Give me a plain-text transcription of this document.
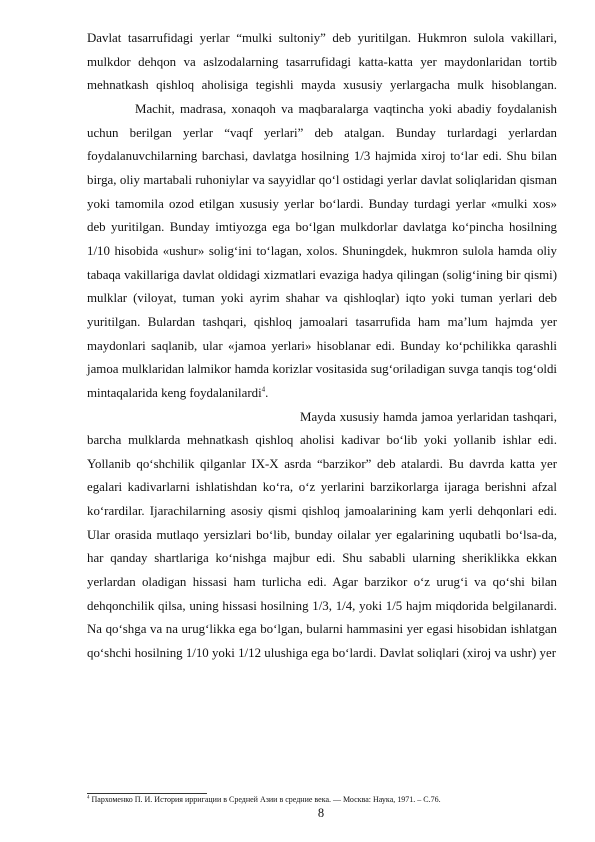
Davlat tasarrufidagi yerlar “mulki sultoniy” deb yuritilgan. Hukmron sulola vakillari, mulkdor dehqon va aslzodalarning tasarrufidagi katta-katta yer maydonlaridan tortib mehnatkash qishloq aholisiga tegishli mayda xususiy yerlargacha mulk hisoblangan.Machit, madrasa, xonaqoh va maqbaralarga vaqtincha yoki abadiy foydalanish uchun berilgan yerlar “vaqf yerlari” deb atalgan. Bunday turlardagi yerlardan foydalanuvchilarning barchasi, davlatga hosilning 1/3 hajmida xiroj to‘lar edi. Shu bilan birga, oliy martabali ruhoniylar va sayyidlar qo‘l ostidagi yerlar davlat soliqlaridan qisman yoki tamomila ozod etilgan xususiy yerlar bo‘lardi. Bunday turdagi yerlar «mulki xos» deb yuritilgan. Bunday imtiyozga ega bo‘lgan mulkdorlar davlatga ko‘pincha hosilning 1/10 hisobida «ushur» solig‘ini to‘lagan, xolos. Shuningdek, hukmron sulola hamda oliy tabaqa vakillariga davlat oldidagi xizmatlari evaziga hadya qilingan (solig‘ining bir qismi) mulklar (viloyat, tuman yoki ayrim shahar va qishloqlar) iqto yoki tuman yerlari deb yuritilgan. Bulardan tashqari, qishloq jamoalari tasarrufida ham ma’lum hajmda yer maydonlari saqlanib, ular «jamoa yerlari» hisoblanar edi. Bunday ko‘pchilikka qarashli jamoa mulklaridan lalmikor hamda korizlar vositasida sug‘oriladigan suvga tanqis tog‘oldi mintaqalarida keng foydalanilardi$^4$.

Mayda xususiy hamda jamoa yerlaridan tashqari, barcha mulklarda mehnatkash qishloq aholisi kadivar bo‘lib yoki yollanib ishlar edi. Yollanib qo‘shchilik qilganlar IX-X asrda “barzikor” deb atalardi. Bu davrda katta yer egalari kadivarlarni ishlatishdan ko‘ra, o‘z yerlarini barzikorlarga ijaraga berishni afzal ko‘rardilar. Ijarachilarning asosiy qismi qishloq jamoalarining kam yerli dehqonlari edi. Ular orasida mutlaqo yersizlari bo‘lib, bunday oilalar yer egalarining uqubatli bo‘lsa-da, har qanday shartlariga ko‘nishga majbur edi. Shu sababli ularning sheriklikka ekkan yerlardan oladigan hissasi ham turlicha edi. Agar barzikor o‘z urug‘i va qo‘shi bilan dehqonchilik qilsa, uning hissasi hosilning 1/3, 1/4, yoki 1/5 hajm miqdorida belgilanardi. Na qo‘shga va na urug‘likka ega bo‘lgan, bularni hammasini yer egasi hisobidan ishlatgan qo‘shchi hosilning 1/10 yoki 1/12 ulushiga ega bo‘lardi. Davlat soliqlari (xiroj va ushr) yer

$^4$ Пархоменко П. И. История ирригации в Средней Азии в средние века. — Москва: Наука, 1971. – С.76.
8
